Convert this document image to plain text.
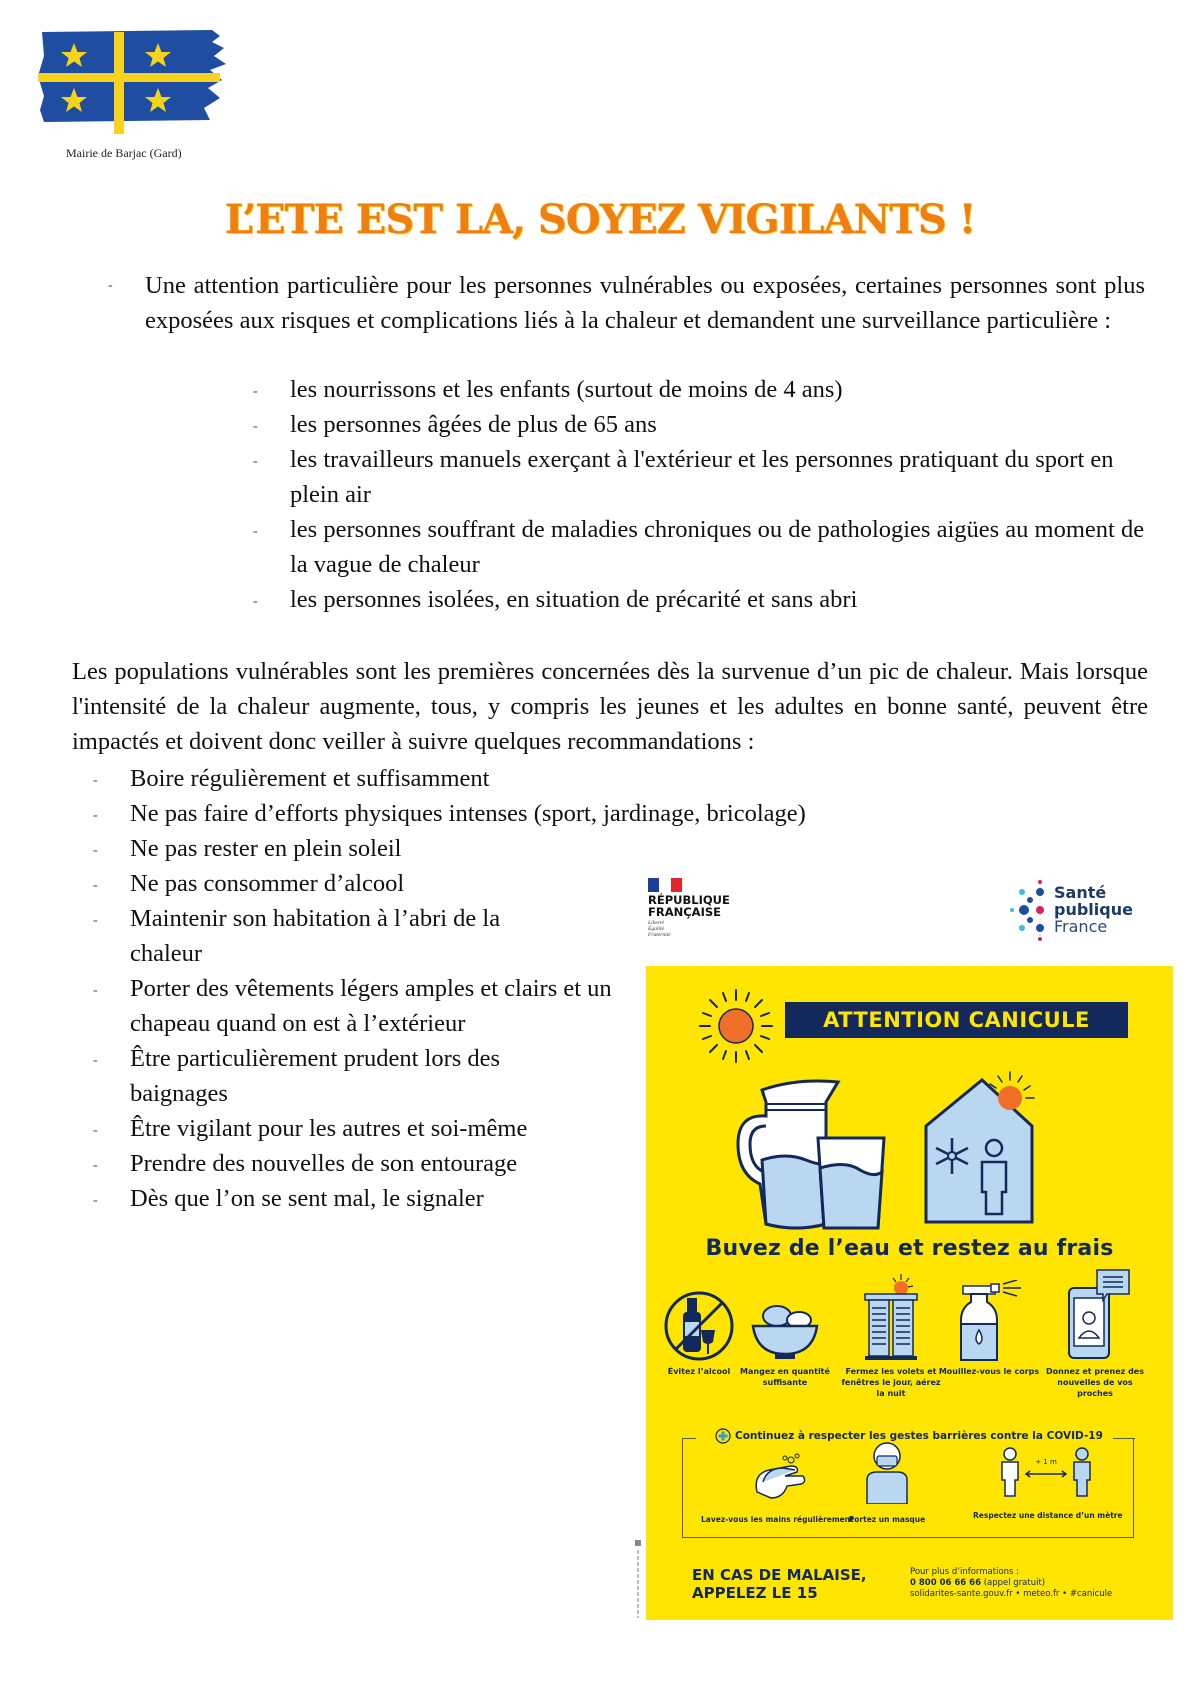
Mairie de Barjac (Gard)
L’ETE EST LA, SOYEZ VIGILANTS !
- Une attention particulière pour les personnes vulnérables ou exposées, certaines personnes sont plus exposées aux risques et complications liés à la chaleur et demandent une surveillance particulière :

- les nourrissons et les enfants (surtout de moins de 4 ans)
- les personnes âgées de plus de 65 ans
- les travailleurs manuels exerçant à l'extérieur et les personnes pratiquant du sport en plein air
- les personnes souffrant de maladies chroniques ou de pathologies aigües au moment de la vague de chaleur
- les personnes isolées, en situation de précarité et sans abri

Les populations vulnérables sont les premières concernées dès la survenue d’un pic de chaleur. Mais lorsque l'intensité de la chaleur augmente, tous, y compris les jeunes et les adultes en bonne santé, peuvent être impactés et doivent donc veiller à suivre quelques recommandations :

- Boire régulièrement et suffisamment
- Ne pas faire d’efforts physiques intenses (sport, jardinage, bricolage)
- Ne pas rester en plein soleil
- Ne pas consommer d’alcool
- Maintenir son habitation à l’abri de la chaleur
- Porter des vêtements légers amples et clairs et un chapeau quand on est à l’extérieur
- Être particulièrement prudent lors des baignages
- Être vigilant pour les autres et soi-même
- Prendre des nouvelles de son entourage
- Dès que l’on se sent mal, le signaler
RÉPUBLIQUE
FRANÇAISE
Liberté
Égalité
Fraternité
Santé
publique
France
ATTENTION CANICULE
Buvez de l’eau et restez au frais
Évitez l’alcool	Mangez en quantité suffisante
Fermez les volets et fenêtres le jour, aérez la nuit
Mouillez-vous le corps Donnez et prenez des nouvelles de vos proches
Continuez à respecter les gestes barrières contre la COVID-19
Lavez-vous les mains régulièrement
Portez un masque
+ 1 m
Respectez une distance d’un mètre
EN CAS DE MALAISE,
APPELEZ LE 15
Pour plus d’informations :
0 800 06 66 66 (appel gratuit)
solidarites-sante.gouv.fr • meteo.fr • #canicule
